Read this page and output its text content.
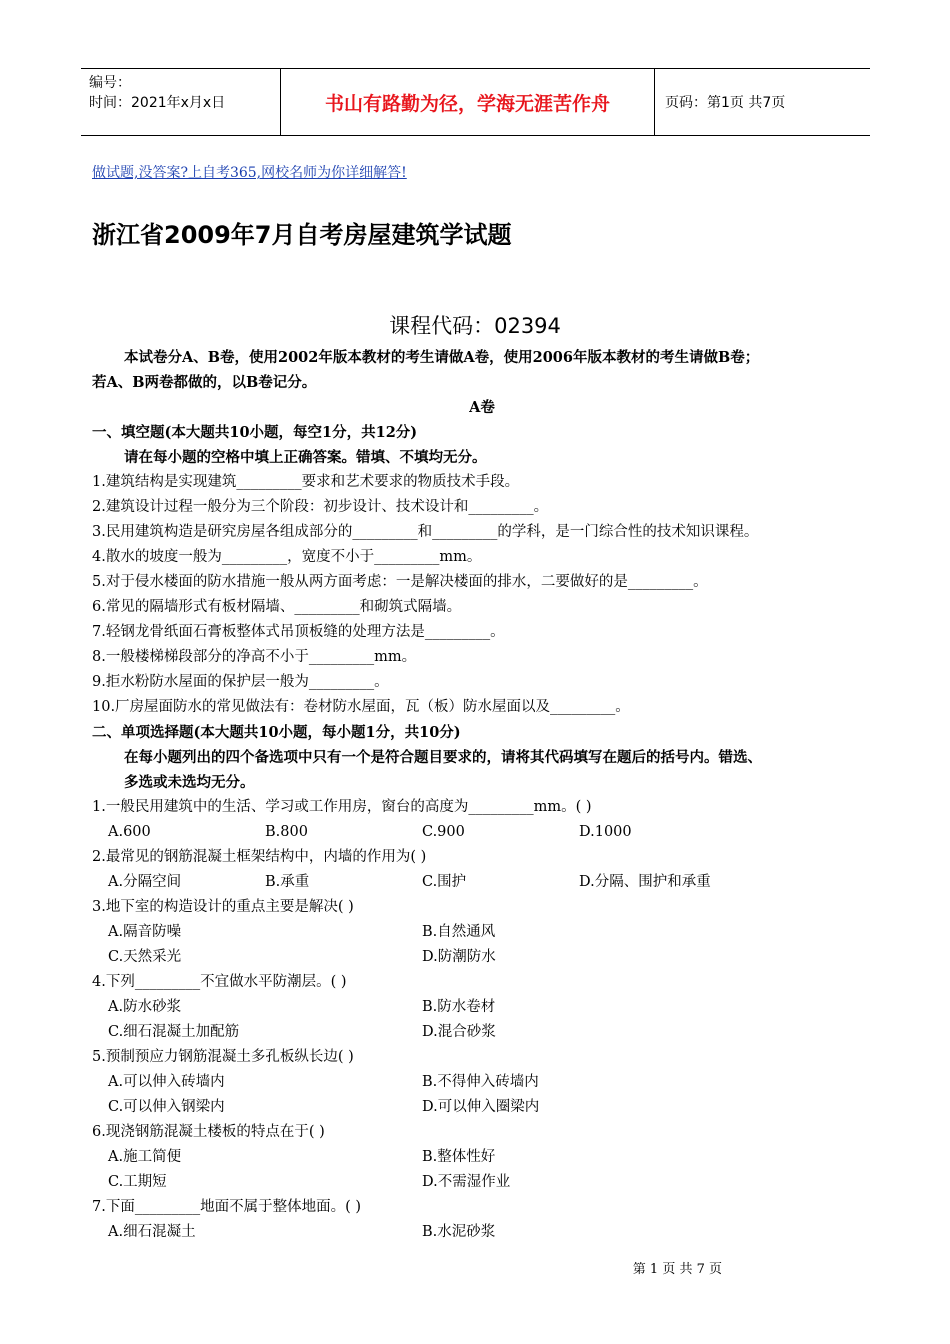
编号：
时间：2021年x月x日	书山有路勤为径，学海无涯苦作舟	页码：第1页 共7页
做试题,没答案?上自考365,网校名师为你详细解答!
浙江省2009年7月自考房屋建筑学试题
课程代码：02394
本试卷分A、B卷，使用2002年版本教材的考生请做A卷，使用2006年版本教材的考生请做B卷；
若A、B两卷都做的，以B卷记分。
A卷
一、填空题(本大题共10小题，每空1分，共12分)
请在每小题的空格中填上正确答案。错填、不填均无分。
1.建筑结构是实现建筑_________要求和艺术要求的物质技术手段。
2.建筑设计过程一般分为三个阶段：初步设计、技术设计和_________。
3.民用建筑构造是研究房屋各组成部分的_________和_________的学科，是一门综合性的技术知识课程。
4.散水的坡度一般为_________，宽度不小于_________mm。
5.对于侵水楼面的防水措施一般从两方面考虑：一是解决楼面的排水，二要做好的是_________。
6.常见的隔墙形式有板材隔墙、_________和砌筑式隔墙。
7.轻钢龙骨纸面石膏板整体式吊顶板缝的处理方法是_________。
8.一般楼梯梯段部分的净高不小于_________mm。
9.拒水粉防水屋面的保护层一般为_________。
10.厂房屋面防水的常见做法有：卷材防水屋面，瓦（板）防水屋面以及_________。
二、单项选择题(本大题共10小题，每小题1分，共10分)
在每小题列出的四个备选项中只有一个是符合题目要求的，请将其代码填写在题后的括号内。错选、
多选或未选均无分。
1.一般民用建筑中的生活、学习或工作用房，窗台的高度为_________mm。( )
A.600	B.800	C.900	D.1000
2.最常见的钢筋混凝土框架结构中，内墙的作用为( )
A.分隔空间	B.承重	C.围护	D.分隔、围护和承重
3.地下室的构造设计的重点主要是解决( )
A.隔音防噪	B.自然通风
C.天然采光	D.防潮防水
4.下列_________不宜做水平防潮层。( )
A.防水砂浆	B.防水卷材
C.细石混凝土加配筋	D.混合砂浆
5.预制预应力钢筋混凝土多孔板纵长边( )
A.可以伸入砖墙内	B.不得伸入砖墙内
C.可以伸入钢梁内	D.可以伸入圈梁内
6.现浇钢筋混凝土楼板的特点在于( )
A.施工简便	B.整体性好
C.工期短	D.不需湿作业
7.下面_________地面不属于整体地面。( )
A.细石混凝土	B.水泥砂浆
第 1 页 共 7 页
